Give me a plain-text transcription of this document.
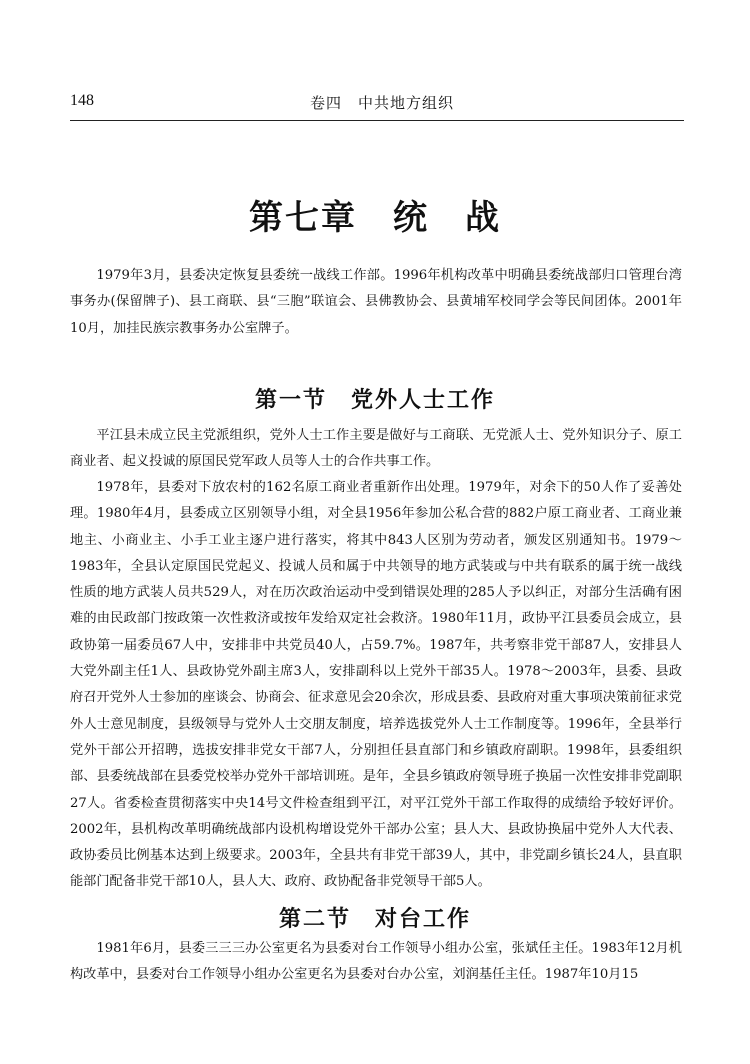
148	卷四　中共地方组织
第七章　统　战

1979年3月，县委决定恢复县委统一战线工作部。1996年机构改革中明确县委统战部归口管理台湾事务办(保留牌子)、县工商联、县“三胞”联谊会、县佛教协会、县黄埔军校同学会等民间团体。2001年10月，加挂民族宗教事务办公室牌子。

第一节　党外人士工作

平江县未成立民主党派组织，党外人士工作主要是做好与工商联、无党派人士、党外知识分子、原工商业者、起义投诚的原国民党军政人员等人士的合作共事工作。

1978年，县委对下放农村的162名原工商业者重新作出处理。1979年，对余下的50人作了妥善处理。1980年4月，县委成立区别领导小组，对全县1956年参加公私合营的882户原工商业者、工商业兼地主、小商业主、小手工业主逐户进行落实，将其中843人区别为劳动者，颁发区别通知书。1979～1983年，全县认定原国民党起义、投诚人员和属于中共领导的地方武装或与中共有联系的属于统一战线性质的地方武装人员共529人，对在历次政治运动中受到错误处理的285人予以纠正，对部分生活确有困难的由民政部门按政策一次性救济或按年发给双定社会救济。1980年11月，政协平江县委员会成立，县政协第一届委员67人中，安排非中共党员40人，占59.7%。1987年，共考察非党干部87人，安排县人大党外副主任1人、县政协党外副主席3人，安排副科以上党外干部35人。1978～2003年，县委、县政府召开党外人士参加的座谈会、协商会、征求意见会20余次，形成县委、县政府对重大事项决策前征求党外人士意见制度，县级领导与党外人士交朋友制度，培养选拔党外人士工作制度等。1996年，全县举行党外干部公开招聘，选拔安排非党女干部7人，分别担任县直部门和乡镇政府副职。1998年，县委组织部、县委统战部在县委党校举办党外干部培训班。是年，全县乡镇政府领导班子换届一次性安排非党副职27人。省委检查贯彻落实中央14号文件检查组到平江，对平江党外干部工作取得的成绩给予较好评价。2002年，县机构改革明确统战部内设机构增设党外干部办公室；县人大、县政协换届中党外人大代表、政协委员比例基本达到上级要求。2003年，全县共有非党干部39人，其中，非党副乡镇长24人，县直职能部门配备非党干部10人，县人大、政府、政协配备非党领导干部5人。

第二节　对台工作

1981年6月，县委三三三办公室更名为县委对台工作领导小组办公室，张斌任主任。1983年12月机构改革中，县委对台工作领导小组办公室更名为县委对台办公室，刘润基任主任。1987年10月15
